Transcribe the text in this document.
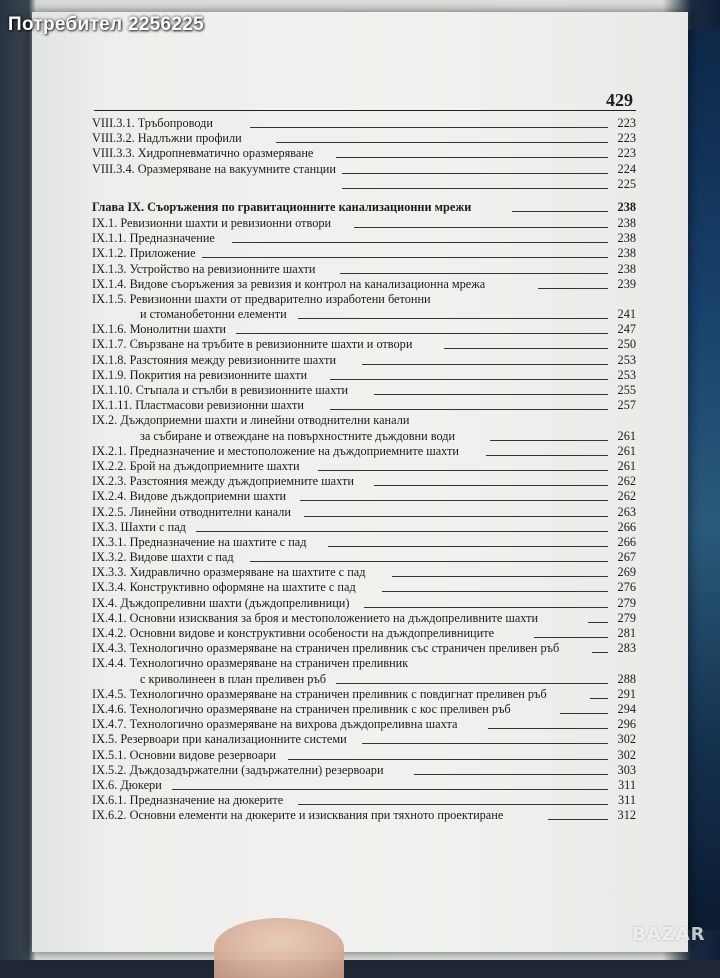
429
VIII.3.1. Тръбопроводи	223
VIII.3.2. Надлъжни профили	223
VIII.3.3. Хидропневматично оразмеряване	223
VIII.3.4. Оразмеряване на вакуумните станции	224
225
Глава IX. Съоръжения по гравитационните канализационни мрежи	238
IX.1. Ревизионни шахти и ревизионни отвори	238
IX.1.1. Предназначение	238
IX.1.2. Приложение	238
IX.1.3. Устройство на ревизионните шахти	238
IX.1.4. Видове съоръжения за ревизия и контрол на канализационна мрежа	239
IX.1.5. Ревизионни шахти от предварително изработени бетонни
и стоманобетонни елементи	241
IX.1.6. Монолитни шахти	247
IX.1.7. Свързване на тръбите в ревизионните шахти и отвори	250
IX.1.8. Разстояния между ревизионните шахти	253
IX.1.9. Покрития на ревизионните шахти	253
IX.1.10. Стъпала и стълби в ревизионните шахти	255
IX.1.11. Пластмасови ревизионни шахти	257
IX.2. Дъждоприемни шахти и линейни отводнителни канали
за събиране и отвеждане на повърхностните дъждовни води	261
IX.2.1. Предназначение и местоположение на дъждоприемните шахти	261
IX.2.2. Брой на дъждоприемните шахти	261
IX.2.3. Разстояния между дъждоприемните шахти	262
IX.2.4. Видове дъждоприемни шахти	262
IX.2.5. Линейни отводнителни канали	263
IX.3. Шахти с пад	266
IX.3.1. Предназначение на шахтите с пад	266
IX.3.2. Видове шахти с пад	267
IX.3.3. Хидравлично оразмеряване на шахтите с пад	269
IX.3.4. Конструктивно оформяне на шахтите с пад	276
IX.4. Дъждопреливни шахти (дъждопреливници)	279
IX.4.1. Основни изисквания за броя и местоположението на дъждопреливните шахти	279
IX.4.2. Основни видове и конструктивни особености на дъждопреливниците	281
IX.4.3. Технологично оразмеряване на страничен преливник със страничен преливен ръб	283
IX.4.4. Технологично оразмеряване на страничен преливник
с криволинеен в план преливен ръб	288
IX.4.5. Технологично оразмеряване на страничен преливник с повдигнат преливен ръб	291
IX.4.6. Технологично оразмеряване на страничен преливник с кос преливен ръб	294
IX.4.7. Технологично оразмеряване на вихрова дъждопреливна шахта	296
IX.5. Резервоари при канализационните системи	302
IX.5.1. Основни видове резервоари	302
IX.5.2. Дъждозадържателни (задържателни) резервоари	303
IX.6. Дюкери	311
IX.6.1. Предназначение на дюкерите	311
IX.6.2. Основни елементи на дюкерите и изисквания при тяхното проектиране	312
Потребител 2256225
BAZAR
